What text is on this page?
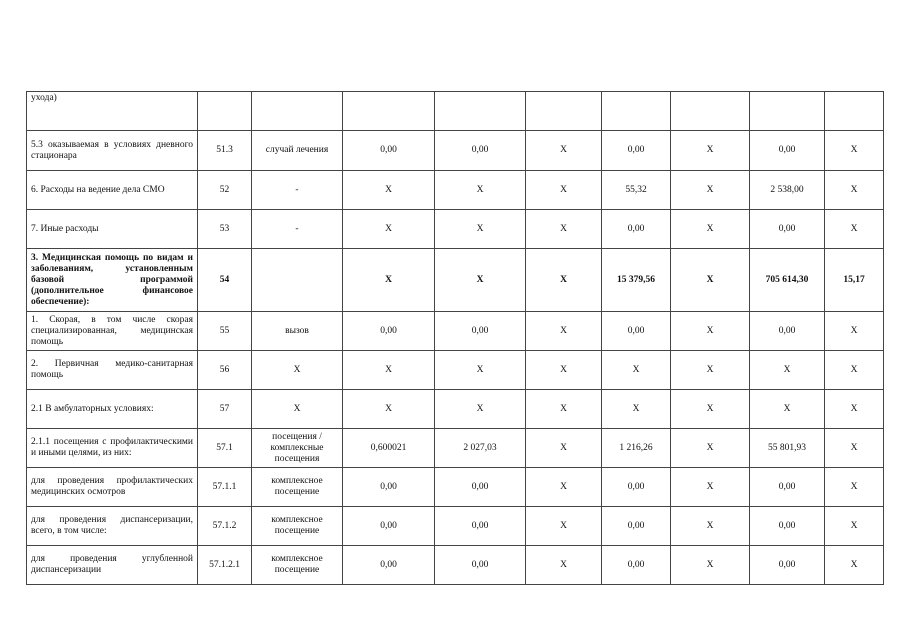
ухода)									
5.3 оказываемая в условиях дневного стационара	51.3	случай лечения	0,00	0,00	Х	0,00	Х	0,00	Х
6. Расходы на ведение дела СМО	52	-	Х	Х	Х	55,32	Х	2 538,00	Х
7. Иные расходы	53	-	Х	Х	Х	0,00	Х	0,00	Х
3. Медицинская помощь по видам и заболеваниям, установленным базовой программой (дополнительное финансовое обеспечение):	54		Х	Х	Х	15 379,56	Х	705 614,30	15,17
1. Скорая, в том числе скорая специализированная, медицинская помощь	55	вызов	0,00	0,00	Х	0,00	Х	0,00	Х
2. Первичная медико-санитарная помощь	56	Х	Х	Х	Х	Х	Х	Х	Х
2.1 В амбулаторных условиях:	57	Х	Х	Х	Х	Х	Х	Х	Х
2.1.1 посещения с профилактическими и иными целями, из них:	57.1	посещения / комплексные посещения	0,600021	2 027,03	Х	1 216,26	Х	55 801,93	Х
для проведения профилактических медицинских осмотров	57.1.1	комплексное посещение	0,00	0,00	Х	0,00	Х	0,00	Х
для проведения диспансеризации, всего, в том числе:	57.1.2	комплексное посещение	0,00	0,00	Х	0,00	Х	0,00	Х
для проведения углубленной диспансеризации	57.1.2.1	комплексное посещение	0,00	0,00	Х	0,00	Х	0,00	Х
